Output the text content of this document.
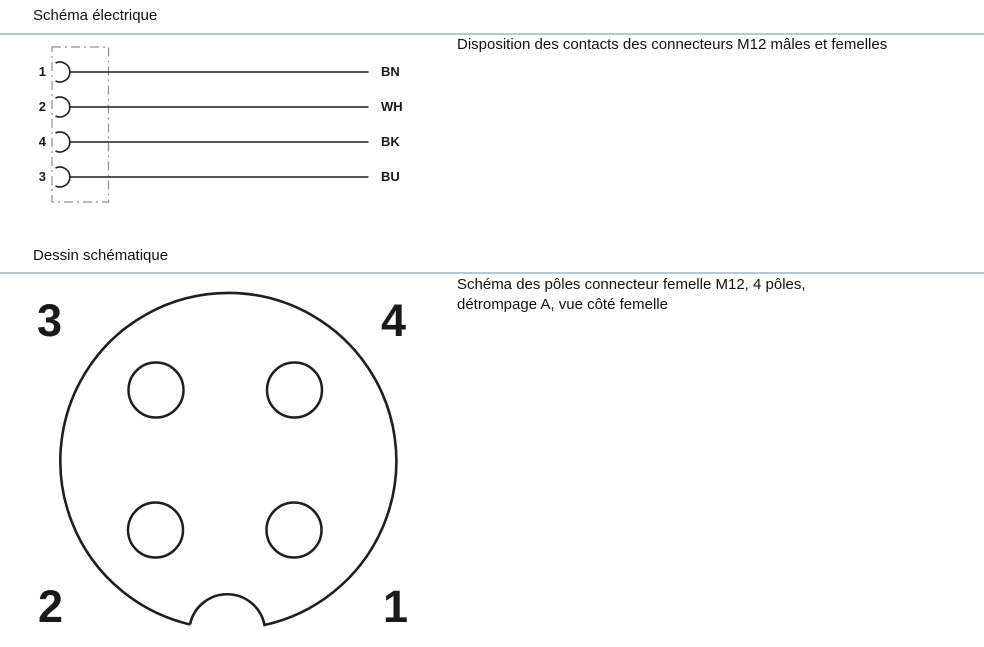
Schéma électrique
Disposition des contacts des connecteurs M12 mâles et femelles
1
2
4
3
BN
WH
BK
BU
Dessin schématique
Schéma des pôles connecteur femelle M12, 4 pôles,
détrompage A, vue côté femelle
3	4
2	1
